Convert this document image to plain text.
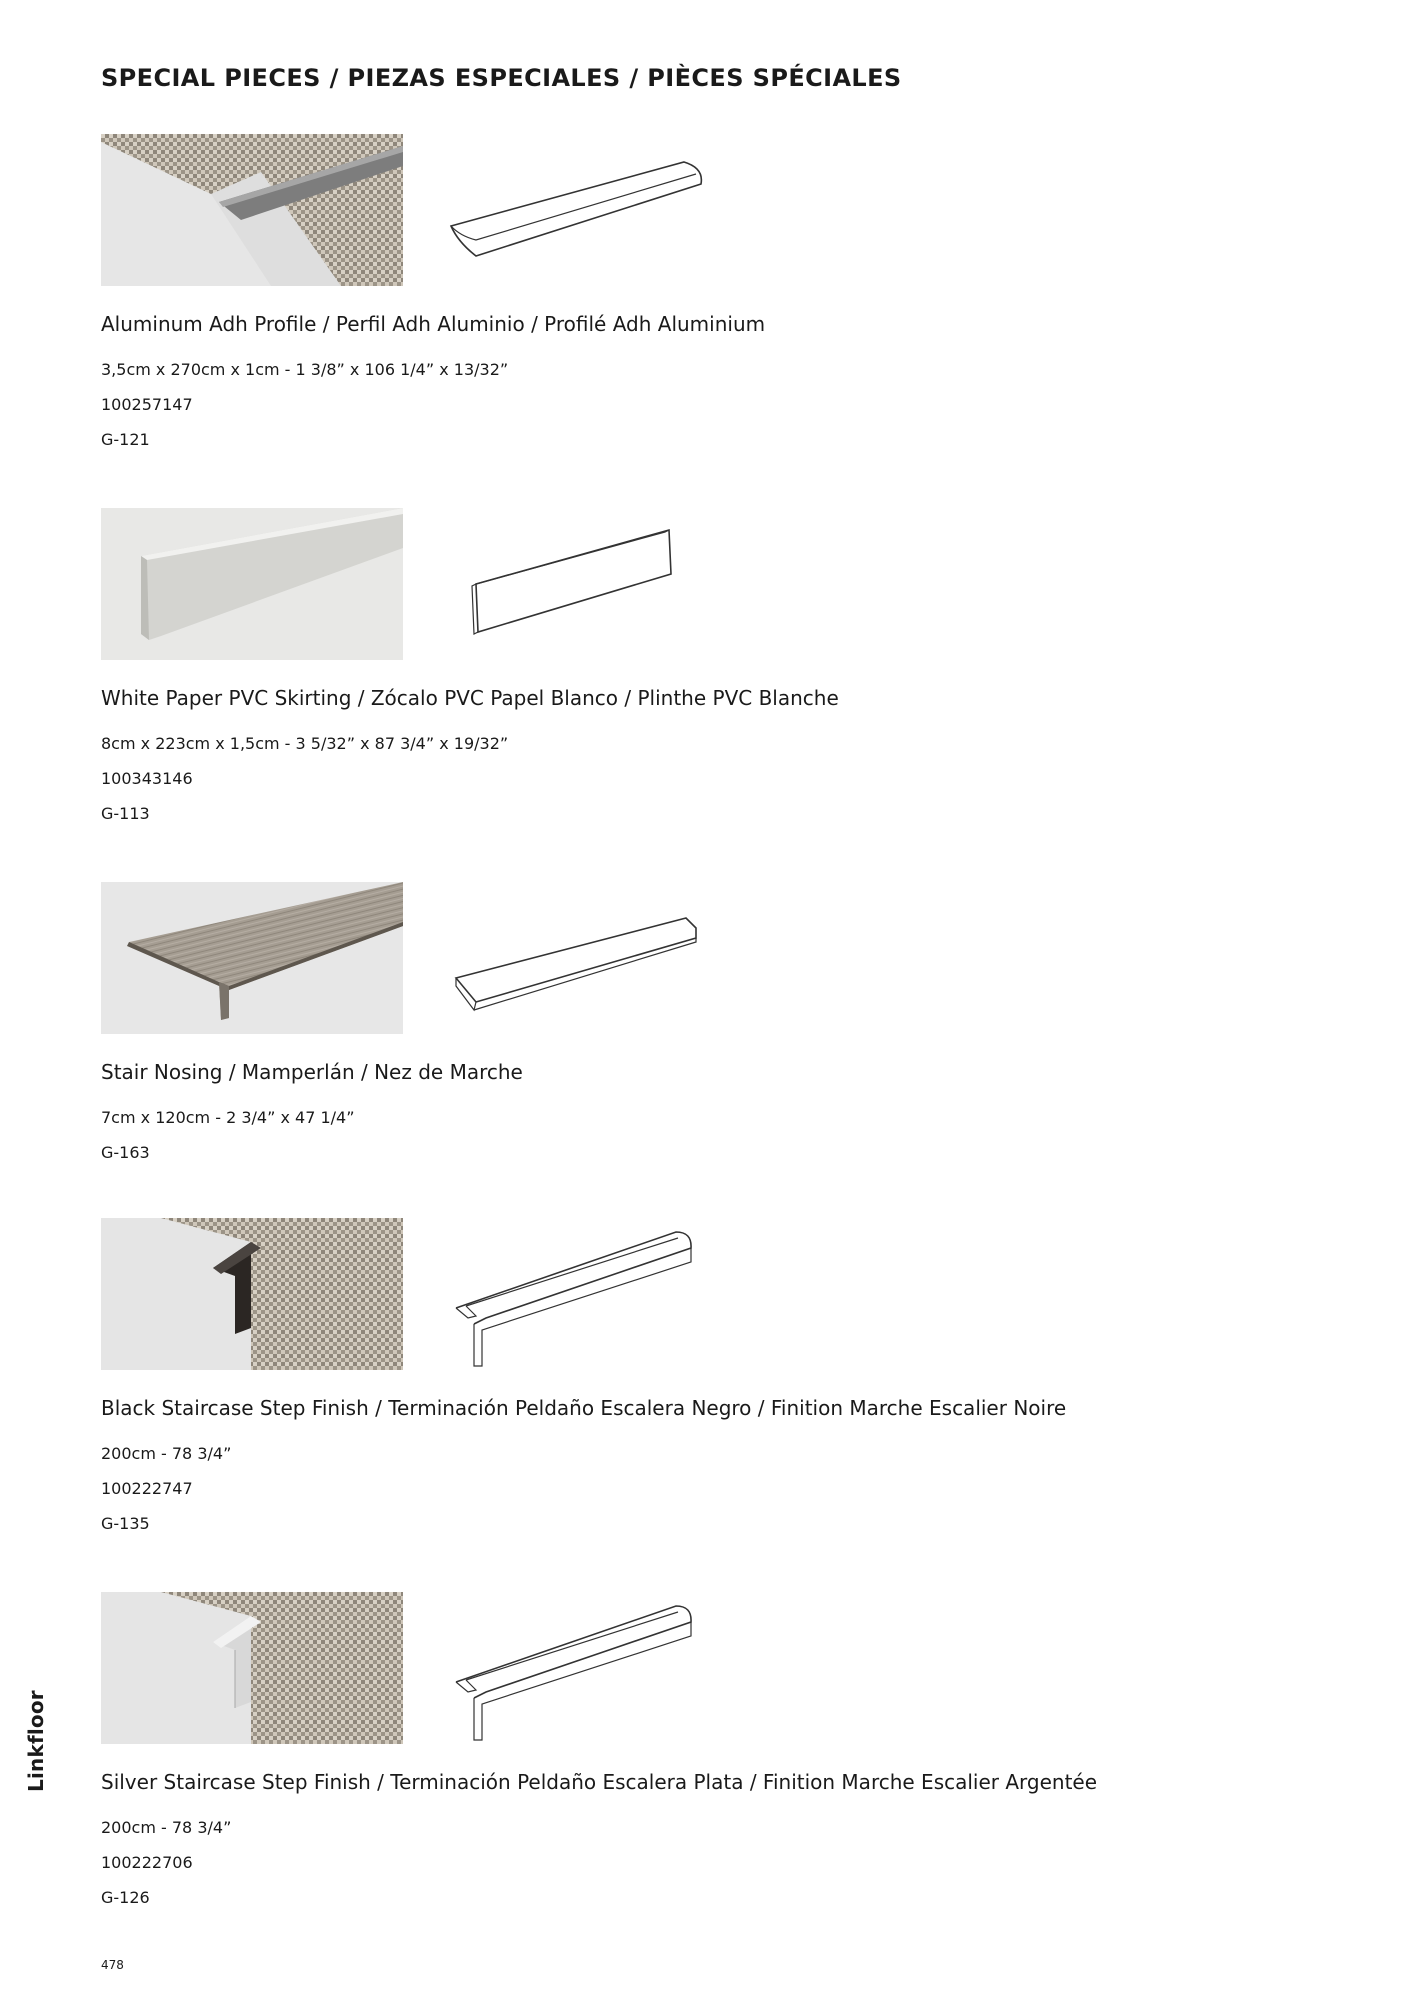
SPECIAL PIECES / PIEZAS ESPECIALES / PIÈCES SPÉCIALES
Aluminum Adh Profile / Perfil Adh Aluminio / Profilé Adh Aluminium
3,5cm x 270cm x 1cm - 1 3/8” x 106 1/4” x 13/32”
100257147
G-121
White Paper PVC Skirting / Zócalo PVC Papel Blanco / Plinthe PVC Blanche
8cm x 223cm x 1,5cm - 3 5/32” x 87 3/4” x 19/32”
100343146
G-113
Stair Nosing / Mamperlán / Nez de Marche
7cm x 120cm - 2 3/4” x 47 1/4”
G-163
Black Staircase Step Finish / Terminación Peldaño Escalera Negro / Finition Marche Escalier Noire
200cm - 78 3/4”
100222747
G-135
Silver Staircase Step Finish / Terminación Peldaño Escalera Plata / Finition Marche Escalier Argentée
200cm - 78 3/4”
100222706
G-126
Linkfloor
478
